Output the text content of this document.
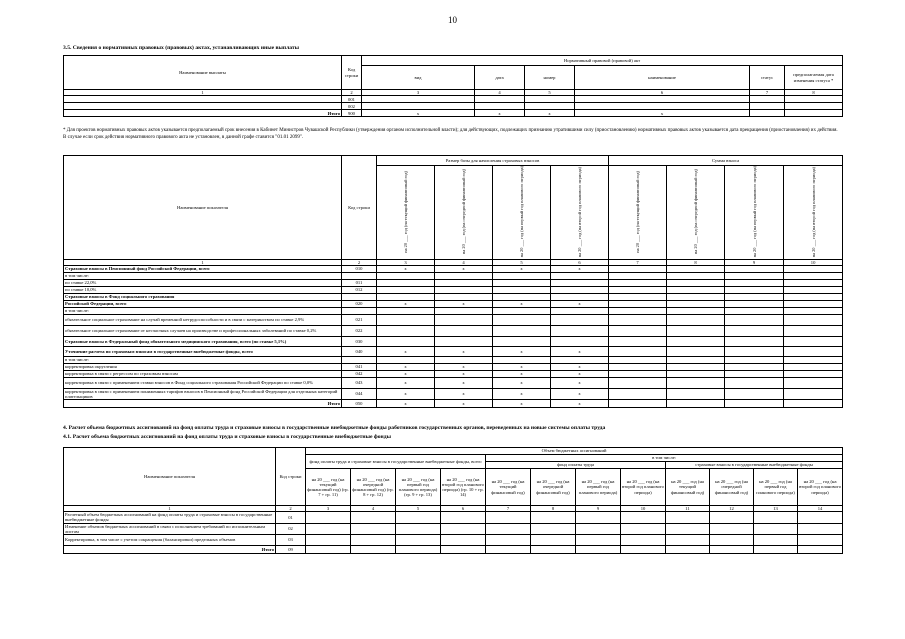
10
3.5. Сведения о нормативных правовых (правовых) актах, устанавливающих иные выплаты
Наименование выплаты	Код строки	Нормативный правовой (правовой) акт					
		вид	дата	номер	наименование	статус	предполагаемая дата изменения статуса *
1	2	3	4	5	6	7	8
	001						
	002						
Итого	900	x	x	x	x		
* Для проектов нормативных правовых актов указывается предполагаемый срок внесения в Кабинет Министров Чувашской Республики (утверждения органом исполнительной власти); для действующих, подлежащих признанию утратившими силу (приостановлению) нормативных правовых актов указывается дата прекращения (приостановления) их действия. В случае если срок действия нормативного правового акта не установлен, в данной графе ставится "01.01 2099".
Наименование показателя	Код строки	Размер базы для начисления страховых взносов				Сумма взноса			
		на 20 ___ год (на текущий финансовый год)	на 20 ___ год (на очередной финансовый год)	на 20 ___ год (на первый год планового периода)	на 20 ___ год (на второй год планового периода)	на 20 ___ год (на текущий финансовый год)	на 20 ___ год (на очередной финансовый год)	на 20 ___ год (на первый год планового периода)	на 20 ___ год (на второй год планового периода)
1	2	3	4	5	6	7	8	9	10
Страховые взносы в Пенсионный фонд Российской Федерации, всего	010	x	x	x	x				
в том числе:									
по ставке 22,0%	011								
по ставке 10,0%	012								
Страховые взносы в Фонд социального страхования									
Российской Федерации, всего	020	x	x	x	x				
в том числе:									
обязательное социальное страхование на случай временной нетрудоспособности и в связи с материнством по ставке 2,9%	021								
обязательное социальное страхование от несчастных случаев на производстве и профессиональных заболеваний по ставке 0,2%	022								
Страховые взносы в Федеральный фонд обязательного медицинского страхования, всего (по ставке 5,1%)	030								
Уточнение расчета по страховым взносам в государственные внебюджетные фонды, всего	040	x	x	x	x				
в том числе:									
корректировка округления	041	x	x	x	x				
корректировка в связи с регрессом по страховым взносам	042	x	x	x	x				
корректировка в связи с применением ставки взносов в Фонд социального страхования Российской Федерации по ставке 0,0%	043	x	x	x	x				
корректировка в связи с применением пониженных тарифов взносов в Пенсионный фонд Российской Федерации для отдельных категорий плательщиков	044	x	x	x	x				
Итого	050	x	x	x	x				
4. Расчет объема бюджетных ассигнований на фонд оплаты труда и страховые взносы в государственные внебюджетные фонды работников государственных органов, переведенных на новые системы оплаты труда
4.1. Расчет объема бюджетных ассигнований на фонд оплаты труда и страховые взносы в государственные внебюджетные фонды
Наименование показателя	Код строки	Объем бюджетных ассигнований											
		фонд оплаты труда и страховые взносы в государственные внебюджетные фонды, всего				в том числе:							
						фонд оплаты труда				страховые взносы в государственные внебюджетные фонды			
		на 20 ___ год (на текущий финансовый год) (гр. 7 + гр. 11)	на 20 ___ год (на очередной финансовый год) (гр. 8 + гр. 12)	на 20 ___ год (на первый год планового периода) (гр. 9 + гр. 13)	на 20 ___ год (на второй год планового периода) (гр. 10 + гр. 14)	на 20 ___ год (на текущий финансовый год)	на 20 ___ год (на очередной финансовый год)	на 20 ___ год (на первый год планового периода)	на 20 ___ год (на второй год планового периода)	на 20 ___ год (на текущий финансовый год)	на 20 ___ год (на очередной финансовый год)	на 20 ___ год (на первый год планового периода)	на 20 ___ год (на второй год планового периода)
1	2	3	4	5	6	7	8	9	10	11	12	13	14
Расчетный объем бюджетных ассигнований на фонд оплаты труда и страховые взносы в государственные внебюджетные фонды	01												
Изменение объемов бюджетных ассигнований в связи с исполнением требований по исполнительным листам	02												
Корректировка, в том числе с учетом сокращения (балансировки) предельных объемов	03												
Итого	09												
